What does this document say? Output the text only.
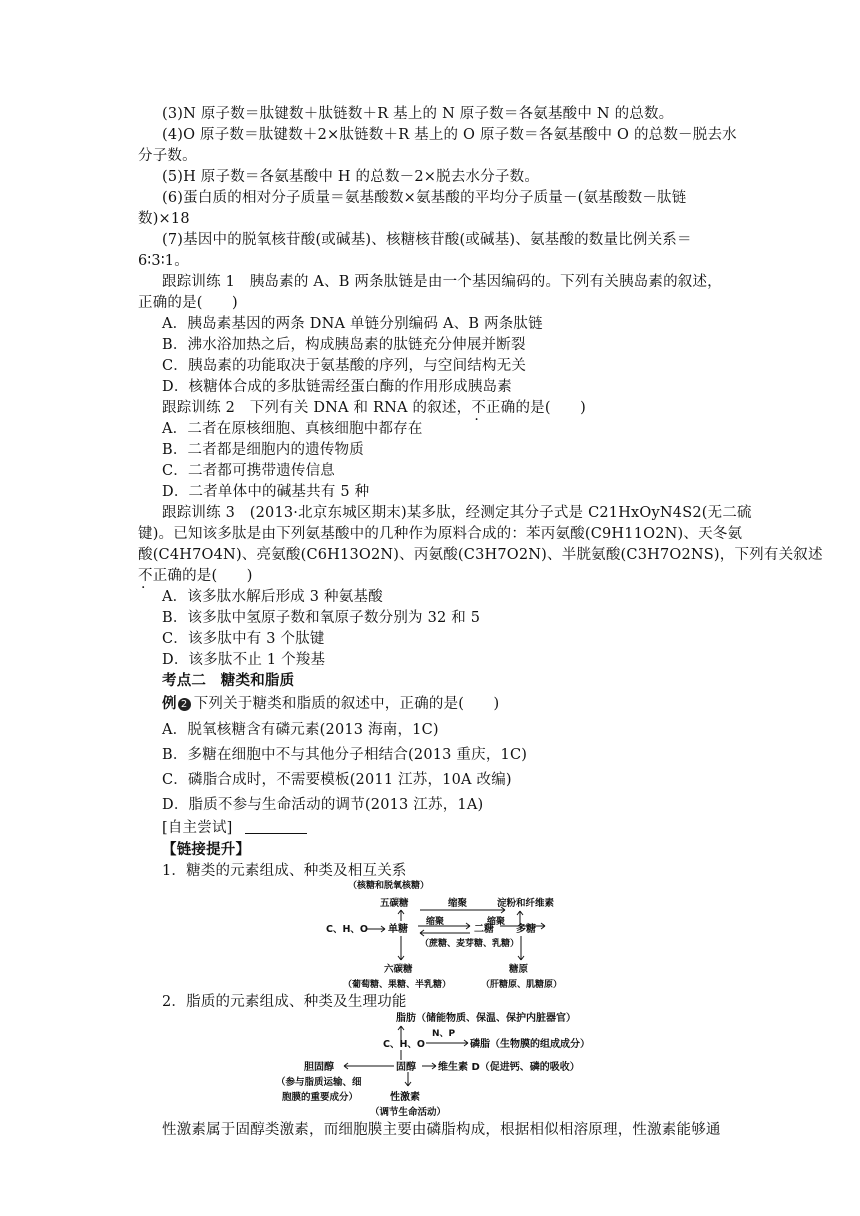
(3)N 原子数＝肽键数＋肽链数＋R 基上的 N 原子数＝各氨基酸中 N 的总数。
(4)O 原子数＝肽键数＋2×肽链数＋R 基上的 O 原子数＝各氨基酸中 O 的总数－脱去水
分子数。
(5)H 原子数＝各氨基酸中 H 的总数－2×脱去水分子数。
(6)蛋白质的相对分子质量＝氨基酸数×氨基酸的平均分子质量－(氨基酸数－肽链
数)×18
(7)基因中的脱氧核苷酸(或碱基)、核糖核苷酸(或碱基)、氨基酸的数量比例关系＝
6∶3∶1。
跟踪训练 1　胰岛素的 A、B 两条肽链是由一个基因编码的。下列有关胰岛素的叙述，
正确的是(　　)
A．胰岛素基因的两条 DNA 单链分别编码 A、B 两条肽链
B．沸水浴加热之后，构成胰岛素的肽链充分伸展并断裂
C．胰岛素的功能取决于氨基酸的序列，与空间结构无关
D．核糖体合成的多肽链需经蛋白酶的作用形成胰岛素
跟踪训练 2　下列有关 DNA 和 RNA 的叙述，不正确的是(　　)
A．二者在原核细胞、真核细胞中都存在
B．二者都是细胞内的遗传物质
C．二者都可携带遗传信息
D．二者单体中的碱基共有 5 种
跟踪训练 3　(2013·北京东城区期末)某多肽，经测定其分子式是 C21HxOyN4S2(无二硫
键)。已知该多肽是由下列氨基酸中的几种作为原料合成的：苯丙氨酸(C9H11O2N)、天冬氨
酸(C4H7O4N)、亮氨酸(C6H13O2N)、丙氨酸(C3H7O2N)、半胱氨酸(C3H7O2NS)，下列有关叙述
不正确的是(　　)
A．该多肽水解后形成 3 种氨基酸
B．该多肽中氢原子数和氧原子数分别为 32 和 5
C．该多肽中有 3 个肽键
D．该多肽不止 1 个羧基
考点二　糖类和脂质
例 2 下列关于糖类和脂质的叙述中，正确的是(　　)
A．脱氧核糖含有磷元素(2013 海南，1C)
B．多糖在细胞中不与其他分子相结合(2013 重庆，1C)
C．磷脂合成时，不需要模板(2011 江苏，10A 改编)
D．脂质不参与生命活动的调节(2013 江苏，1A)
[自主尝试]
【链接提升】
1．糖类的元素组成、种类及相互关系
（核糖和脱氧核糖）
五碳糖	缩聚	淀粉和纤维素
C、H、O 单糖
缩聚
二糖
缩聚
多糖
（蔗糖、麦芽糖、乳糖）
六碳糖	糖原
（葡萄糖、果糖、半乳糖）	（肝糖原、肌糖原）
2．脂质的元素组成、种类及生理功能
脂肪（储能物质、保温、保护内脏器官）
N、P
C、H、O	磷脂（生物膜的组成成分）
胆固醇	固醇 维生素 D（促进钙、磷的吸收）
（参与脂质运输、细
胞膜的重要成分）	性激素
（调节生命活动）
性激素属于固醇类激素，而细胞膜主要由磷脂构成，根据相似相溶原理，性激素能够通
